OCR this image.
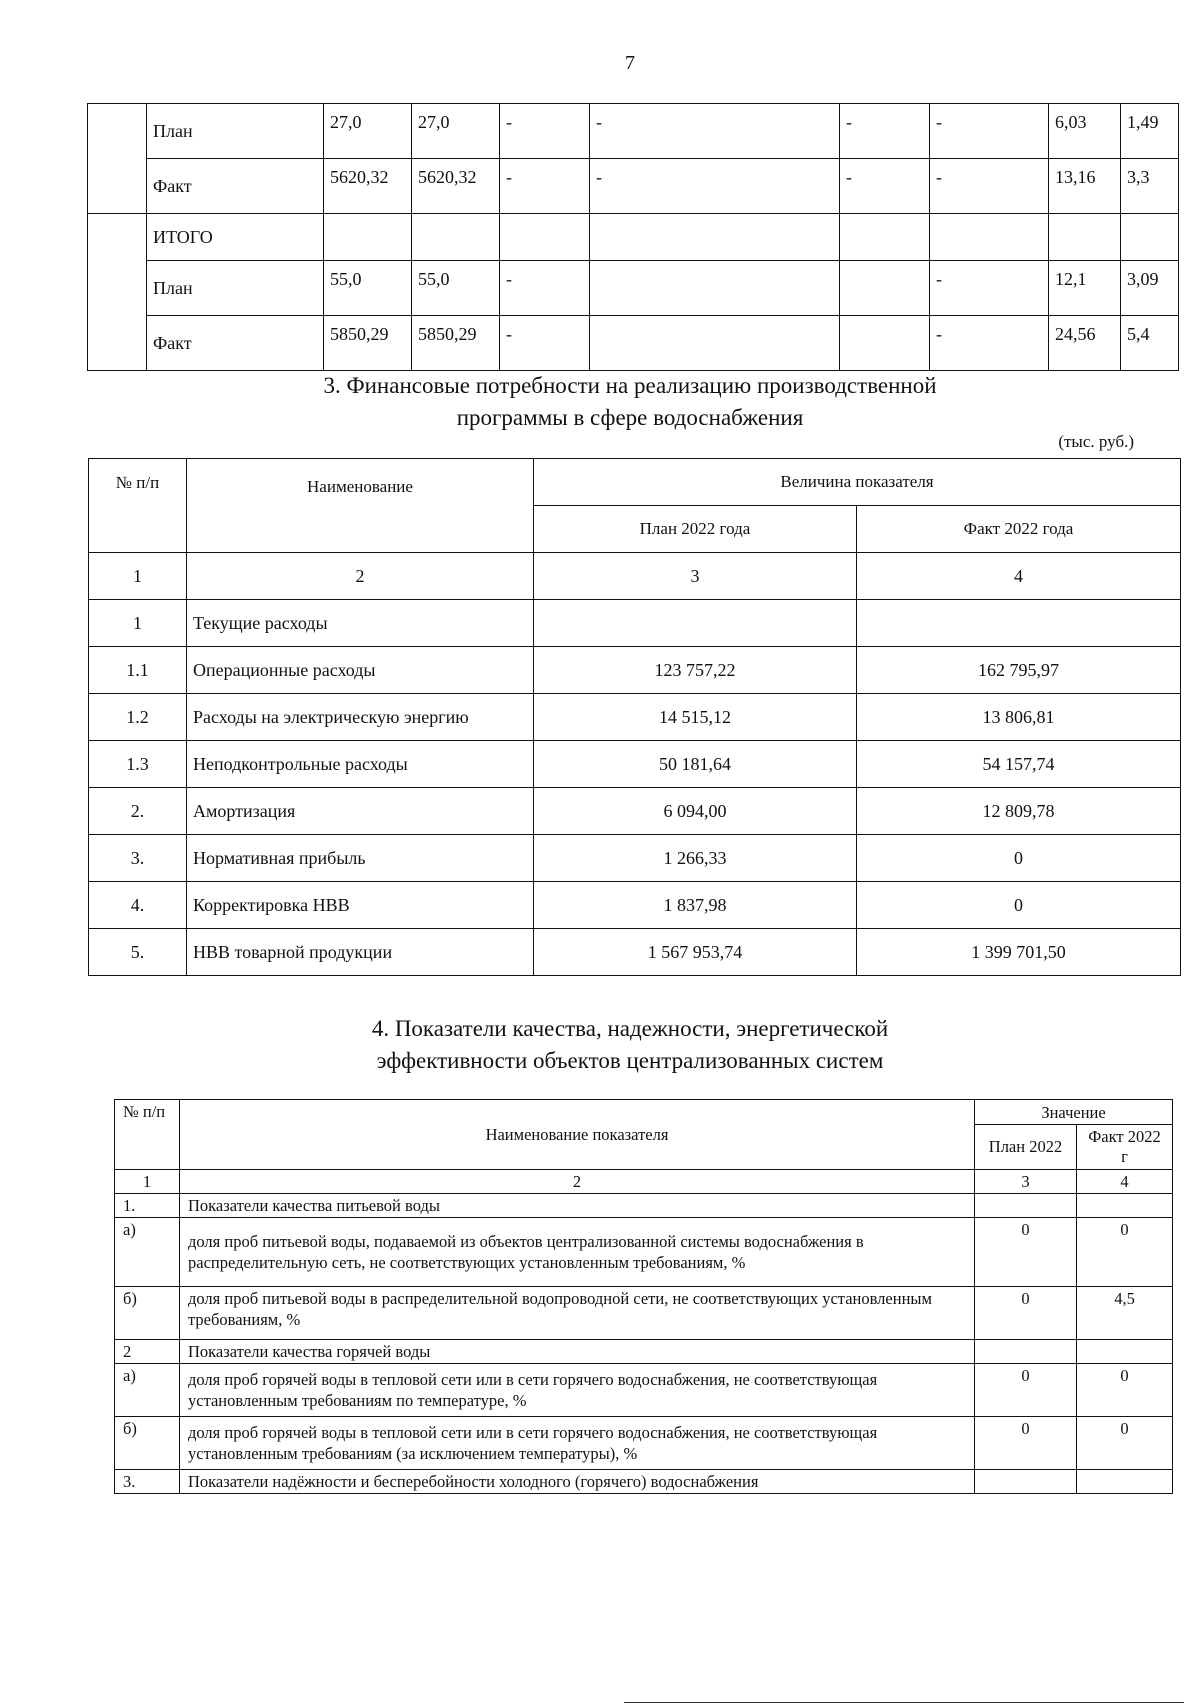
7
	План	27,0	27,0	-	-	-	-	6,03	1,49
	Факт	5620,32	5620,32	-	-	-	-	13,16	3,3
	ИТОГО								
	План	55,0	55,0	-			-	12,1	3,09
	Факт	5850,29	5850,29	-			-	24,56	5,4
3. Финансовые потребности на реализацию производственной
программы в сфере водоснабжения
(тыс. руб.)
№ п/п	Наименование	Величина показателя	
		План 2022 года	Факт 2022 года
1	2	3	4
1	Текущие расходы		
1.1	Операционные расходы	123 757,22	162 795,97
1.2	Расходы на электрическую энергию	14 515,12	13 806,81
1.3	Неподконтрольные расходы	50 181,64	54 157,74
2.	Амортизация	6 094,00	12 809,78
3.	Нормативная прибыль	1 266,33	0
4.	Корректировка НВВ	1 837,98	0
5.	НВВ товарной продукции	1 567 953,74	1 399 701,50
4. Показатели качества, надежности, энергетической
эффективности объектов централизованных систем
№ п/п	Наименование показателя	Значение	
		План 2022	Факт 2022 г
1	2	3	4
1.	Показатели качества питьевой воды		
а)	доля проб питьевой воды, подаваемой из объектов централизованной системы водоснабжения в распределительную сеть, не соответствующих установленным требованиям, %	0	0
б)	доля проб питьевой воды в распределительной водопроводной сети, не соответствующих установленным требованиям, %	0	4,5
2	Показатели качества горячей воды		
а)	доля проб горячей воды в тепловой сети или в сети горячего водоснабжения, не соответствующая установленным требованиям по температуре, %	0	0
б)	доля проб горячей воды в тепловой сети или в сети горячего водоснабжения, не соответствующая установленным требованиям (за исключением температуры), %	0	0
3.	Показатели надёжности и бесперебойности холодного (горячего) водоснабжения		
